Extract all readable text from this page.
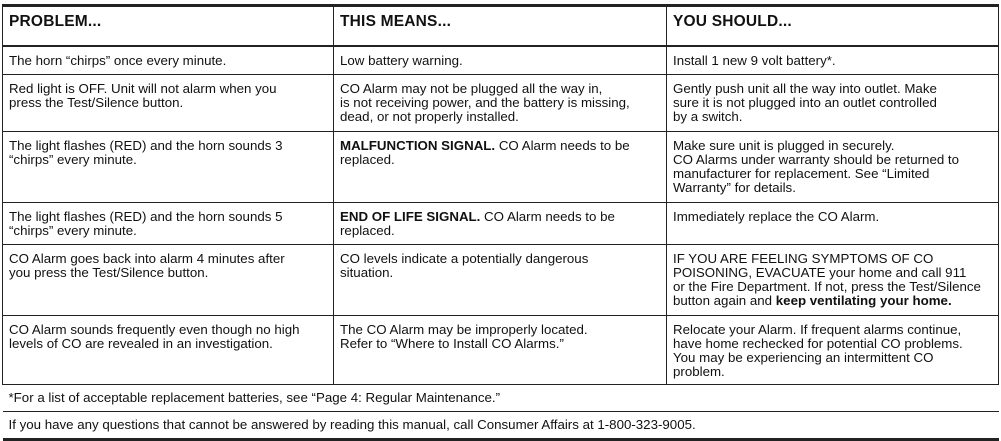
PROBLEM...	THIS MEANS...	YOU SHOULD...

The horn “chirps” once every minute.	Low battery warning.	Install 1 new 9 volt battery*.

Red light is OFF. Unit will not alarm when you
press the Test/Silence button.	CO Alarm may not be plugged all the way in,
is not receiving power, and the battery is missing,
dead, or not properly installed.	Gently push unit all the way into outlet. Make
sure it is not plugged into an outlet controlled
by a switch.

The light flashes (RED) and the horn sounds 3
“chirps” every minute.	MALFUNCTION SIGNAL. CO Alarm needs to be
replaced.	Make sure unit is plugged in securely.
CO Alarms under warranty should be returned to
manufacturer for replacement. See “Limited
Warranty” for details.

The light flashes (RED) and the horn sounds 5
“chirps” every minute.	END OF LIFE SIGNAL. CO Alarm needs to be
replaced.	Immediately replace the CO Alarm.

CO Alarm goes back into alarm 4 minutes after
you press the Test/Silence button.	CO levels indicate a potentially dangerous
situation.	IF YOU ARE FEELING SYMPTOMS OF CO
POISONING, EVACUATE your home and call 911
or the Fire Department. If not, press the Test/Silence
button again and keep ventilating your home.

CO Alarm sounds frequently even though no high
levels of CO are revealed in an investigation.	The CO Alarm may be improperly located.
Refer to “Where to Install CO Alarms.”	Relocate your Alarm. If frequent alarms continue,
have home rechecked for potential CO problems.
You may be experiencing an intermittent CO
problem.

*For a list of acceptable replacement batteries, see “Page 4: Regular Maintenance.”		
If you have any questions that cannot be answered by reading this manual, call Consumer Affairs at 1-800-323-9005.		
